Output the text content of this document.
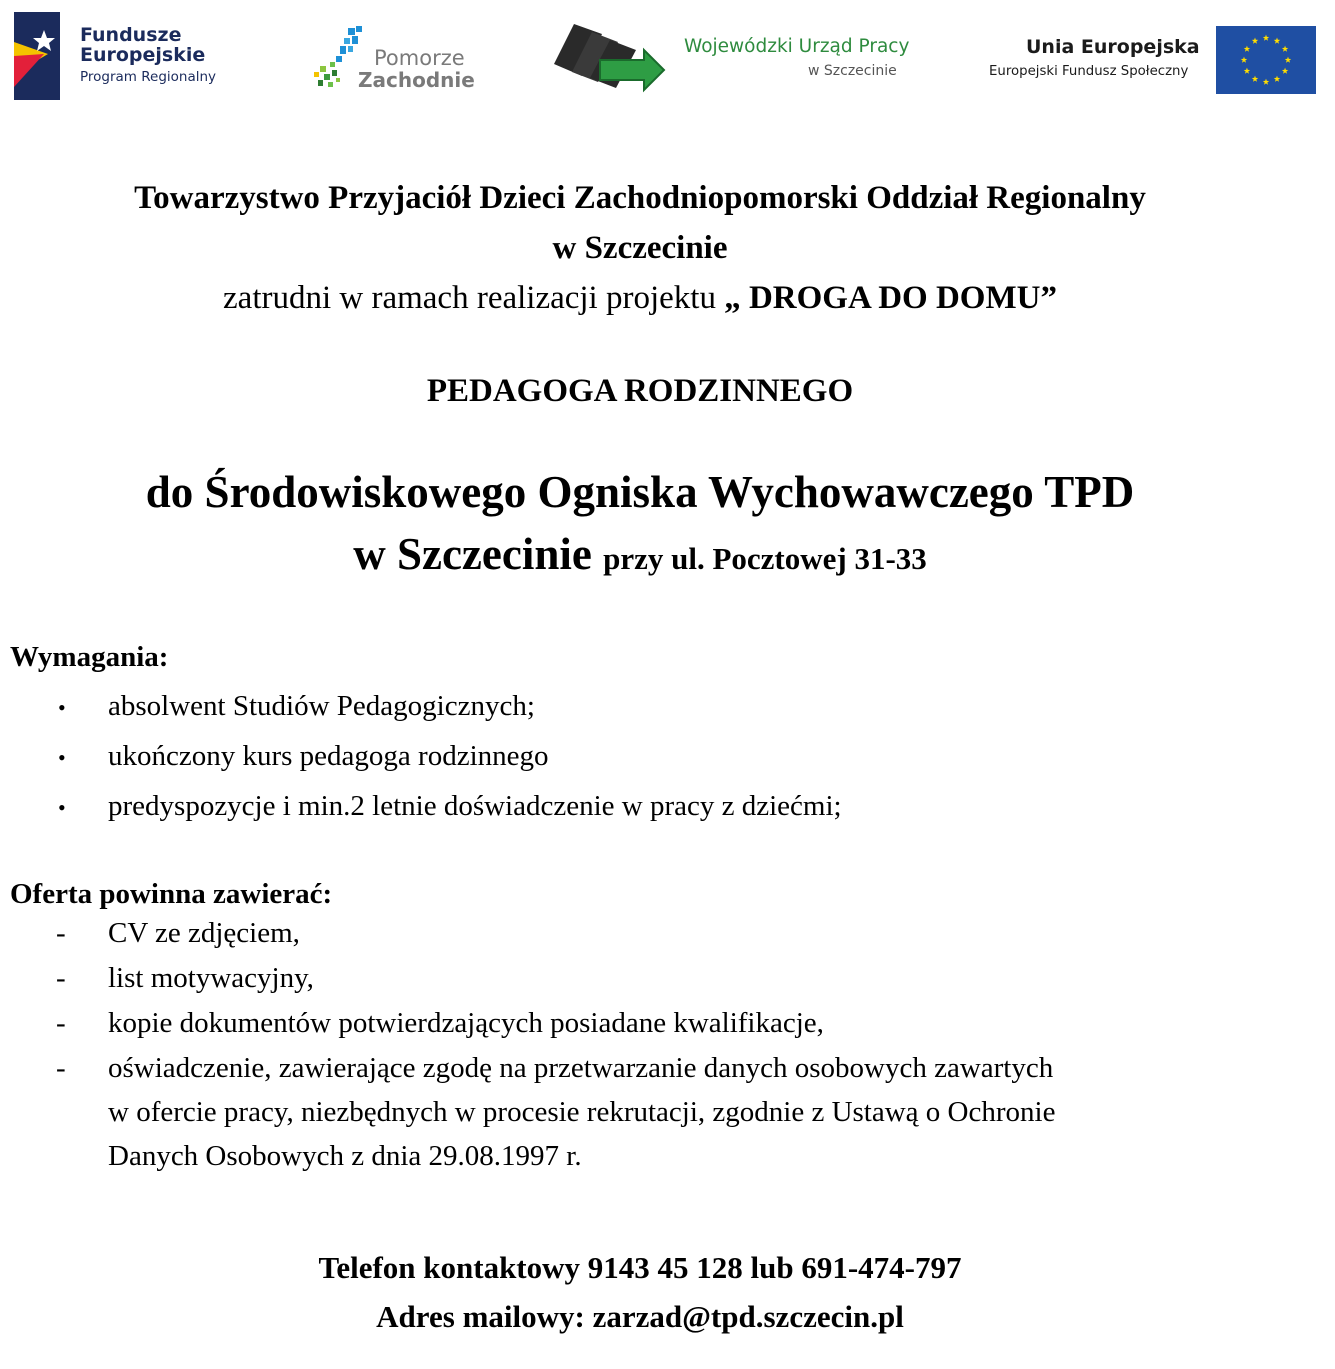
Fundusze
Europejskie
Program Regionalny
Pomorze
Zachodnie
Wojewódzki Urząd Pracy
w Szczecinie
Unia Europejska
Europejski Fundusz Społeczny
Towarzystwo Przyjaciół Dzieci Zachodniopomorski Oddział Regionalny
w Szczecinie
zatrudni w ramach realizacji projektu „ DROGA DO DOMU”
PEDAGOGA RODZINNEGO
do Środowiskowego Ogniska Wychowawczego TPD
w Szczecinie przy ul. Pocztowej 31-33
Wymagania:
• absolwent Studiów Pedagogicznych;
• ukończony kurs pedagoga rodzinnego
• predyspozycje i min.2 letnie doświadczenie w pracy z dziećmi;
Oferta powinna zawierać:
- CV ze zdjęciem,
- list motywacyjny,
- kopie dokumentów potwierdzających posiadane kwalifikacje,
- oświadczenie, zawierające zgodę na przetwarzanie danych osobowych zawartych
w ofercie pracy, niezbędnych w procesie rekrutacji, zgodnie z Ustawą o Ochronie
Danych Osobowych z dnia 29.08.1997 r.
Telefon kontaktowy 9143 45 128 lub 691-474-797
Adres mailowy: zarzad@tpd.szczecin.pl
